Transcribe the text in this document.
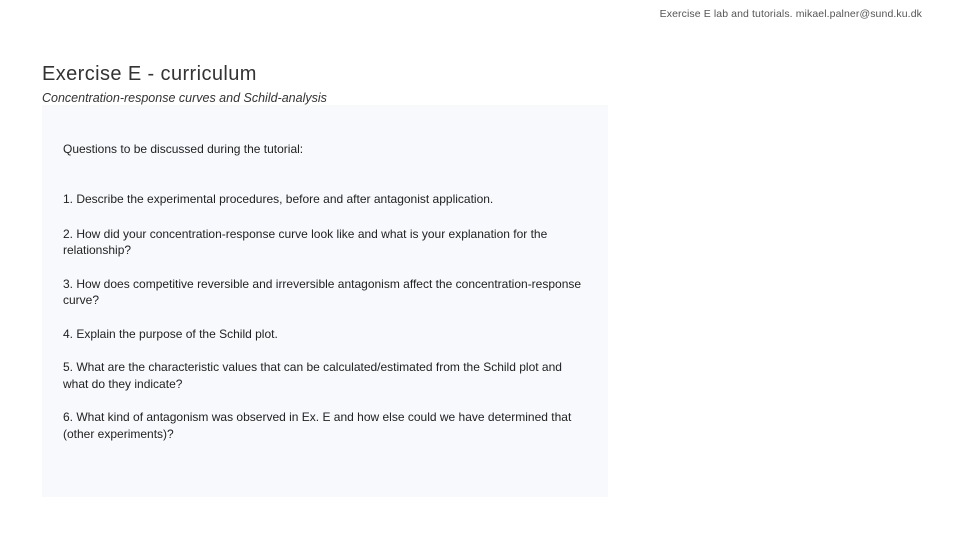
Exercise E lab and tutorials. mikael.palner@sund.ku.dk
Exercise E - curriculum
Concentration-response curves and Schild-analysis

Questions to be discussed during the tutorial:

1. Describe the experimental procedures, before and after antagonist application.

2. How did your concentration-response curve look like and what is your explanation for the relationship?

3. How does competitive reversible and irreversible antagonism affect the concentration-response curve?

4. Explain the purpose of the Schild plot.

5. What are the characteristic values that can be calculated/estimated from the Schild plot and what do they indicate?

6. What kind of antagonism was observed in Ex. E and how else could we have determined that (other experiments)?
